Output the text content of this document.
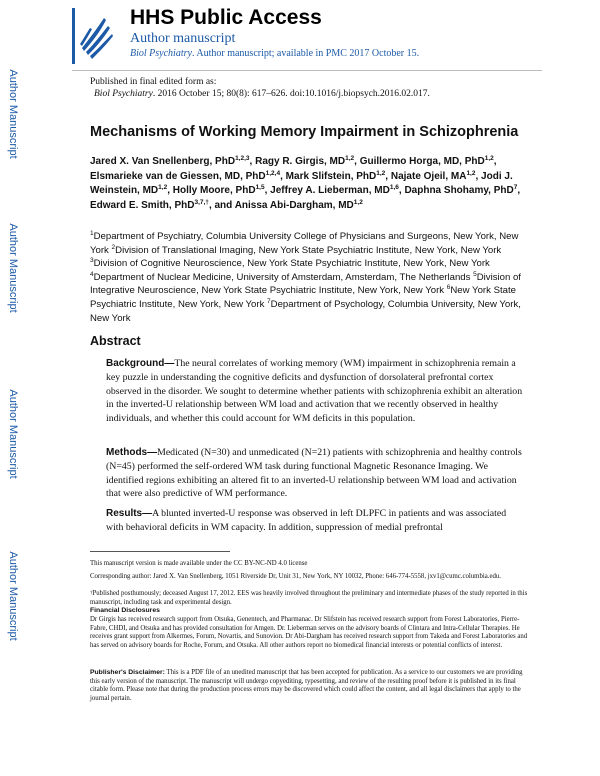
HHS Public Access
Author manuscript
Biol Psychiatry. Author manuscript; available in PMC 2017 October 15.
Author Manuscript
Author Manuscript
Author Manuscript
Author Manuscript
Published in final edited form as:
Biol Psychiatry. 2016 October 15; 80(8): 617–626. doi:10.1016/j.biopsych.2016.02.017.
Mechanisms of Working Memory Impairment in Schizophrenia
Jared X. Van Snellenberg, PhD$^{1,2,3}$, Ragy R. Girgis, MD$^{1,2}$, Guillermo Horga, MD, PhD$^{1,2}$, Elsmarieke van de Giessen, MD, PhD$^{1,2,4}$, Mark Slifstein, PhD$^{1,2}$, Najate Ojeil, MA$^{1,2}$, Jodi J. Weinstein, MD$^{1,2}$, Holly Moore, PhD$^{1,5}$, Jeffrey A. Lieberman, MD$^{1,6}$, Daphna Shohamy, PhD$^7$, Edward E. Smith, PhD$^{3,7,\dagger}$, and Anissa Abi-Dargham, MD$^{1,2}$
$^1$Department of Psychiatry, Columbia University College of Physicians and Surgeons, New York, New York $^2$Division of Translational Imaging, New York State Psychiatric Institute, New York, New York $^3$Division of Cognitive Neuroscience, New York State Psychiatric Institute, New York, New York $^4$Department of Nuclear Medicine, University of Amsterdam, Amsterdam, The Netherlands $^5$Division of Integrative Neuroscience, New York State Psychiatric Institute, New York, New York $^6$New York State Psychiatric Institute, New York, New York $^7$Department of Psychology, Columbia University, New York, New York
Abstract
Background—The neural correlates of working memory (WM) impairment in schizophrenia remain a key puzzle in understanding the cognitive deficits and dysfunction of dorsolateral prefrontal cortex observed in the disorder. We sought to determine whether patients with schizophrenia exhibit an alteration in the inverted-U relationship between WM load and activation that we recently observed in healthy individuals, and whether this could account for WM deficits in this population.
Methods—Medicated (N=30) and unmedicated (N=21) patients with schizophrenia and healthy controls (N=45) performed the self-ordered WM task during functional Magnetic Resonance Imaging. We identified regions exhibiting an altered fit to an inverted-U relationship between WM load and activation that were also predictive of WM performance.
Results—A blunted inverted-U response was observed in left DLPFC in patients and was associated with behavioral deficits in WM capacity. In addition, suppression of medial prefrontal
This manuscript version is made available under the CC BY-NC-ND 4.0 license
Corresponding author: Jared X. Van Snellenberg, 1051 Riverside Dr, Unit 31, New York, NY 10032, Phone: 646-774-5558, jxv1@cumc.columbia.edu.
†Published posthumously; deceased August 17, 2012. EES was heavily involved throughout the preliminary and intermediate phases of the study reported in this manuscript, including task and experimental design.
Financial Disclosures
Dr Girgis has received research support from Otsuka, Genentech, and Pharmanac. Dr Slifstein has received research support from Forest Laboratories, Pierre-Fabre, CHDI, and Otsuka and has provided consultation for Amgen. Dr. Lieberman serves on the advisory boards of Clintara and Intra-Cellular Therapies. He receives grant support from Alkermes, Forum, Novartis, and Sunovion. Dr Abi-Dargham has received research support from Takeda and Forest Laboratories and has served on advisory boards for Roche, Forum, and Otsuka. All other authors report no biomedical financial interests or potential conflicts of interest.
Publisher's Disclaimer: This is a PDF file of an unedited manuscript that has been accepted for publication. As a service to our customers we are providing this early version of the manuscript. The manuscript will undergo copyediting, typesetting, and review of the resulting proof before it is published in its final citable form. Please note that during the production process errors may be discovered which could affect the content, and all legal disclaimers that apply to the journal pertain.
